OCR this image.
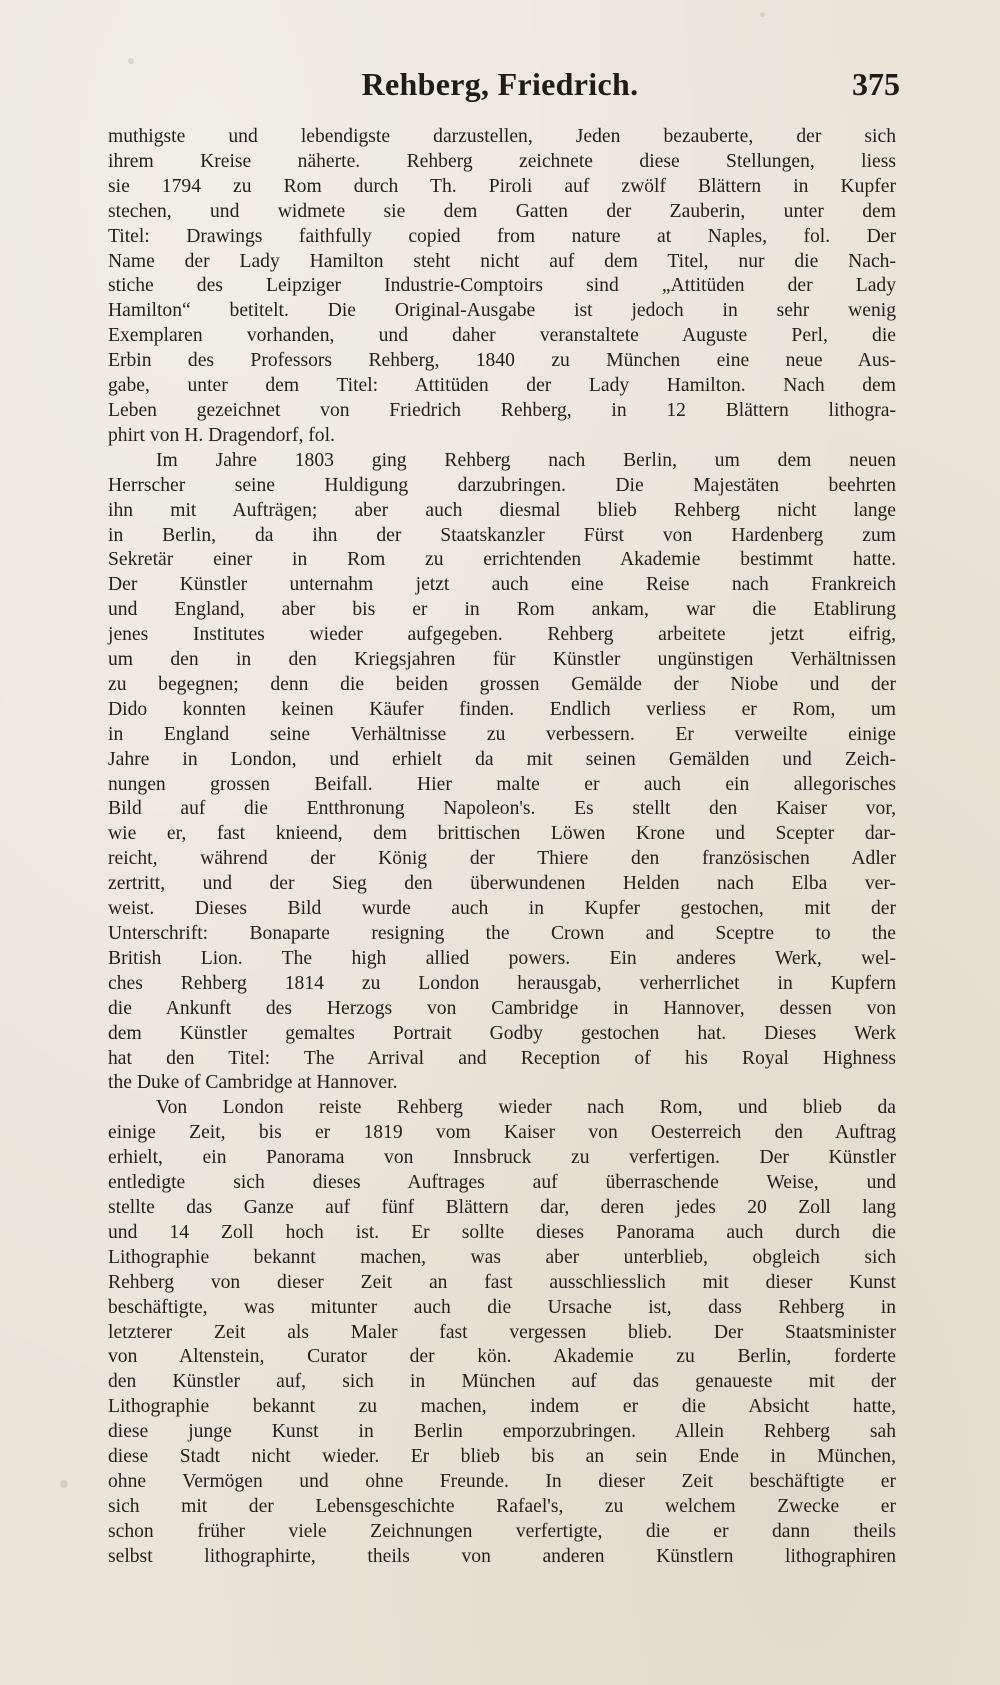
Rehberg, Friedrich.	375
muthigste und lebendigste darzustellen, Jeden bezauberte, der sich
ihrem Kreise näherte. Rehberg zeichnete diese Stellungen, liess
sie 1794 zu Rom durch Th. Piroli auf zwölf Blättern in Kupfer
stechen, und widmete sie dem Gatten der Zauberin, unter dem
Titel: Drawings faithfully copied from nature at Naples, fol. Der
Name der Lady Hamilton steht nicht auf dem Titel, nur die Nach-
stiche des Leipziger Industrie-Comptoirs sind „Attitüden der Lady
Hamilton“ betitelt. Die Original-Ausgabe ist jedoch in sehr wenig
Exemplaren vorhanden, und daher veranstaltete Auguste Perl, die
Erbin des Professors Rehberg, 1840 zu München eine neue Aus-
gabe, unter dem Titel: Attitüden der Lady Hamilton. Nach dem
Leben gezeichnet von Friedrich Rehberg, in 12 Blättern lithogra-
phirt von H. Dragendorf, fol.
Im Jahre 1803 ging Rehberg nach Berlin, um dem neuen
Herrscher seine Huldigung darzubringen. Die Majestäten beehrten
ihn mit Aufträgen; aber auch diesmal blieb Rehberg nicht lange
in Berlin, da ihn der Staatskanzler Fürst von Hardenberg zum
Sekretär einer in Rom zu errichtenden Akademie bestimmt hatte.
Der Künstler unternahm jetzt auch eine Reise nach Frankreich
und England, aber bis er in Rom ankam, war die Etablirung
jenes Institutes wieder aufgegeben. Rehberg arbeitete jetzt eifrig,
um den in den Kriegsjahren für Künstler ungünstigen Verhältnissen
zu begegnen; denn die beiden grossen Gemälde der Niobe und der
Dido konnten keinen Käufer finden. Endlich verliess er Rom, um
in England seine Verhältnisse zu verbessern. Er verweilte einige
Jahre in London, und erhielt da mit seinen Gemälden und Zeich-
nungen grossen Beifall. Hier malte er auch ein allegorisches
Bild auf die Entthronung Napoleon's. Es stellt den Kaiser vor,
wie er, fast knieend, dem brittischen Löwen Krone und Scepter dar-
reicht, während der König der Thiere den französischen Adler
zertritt, und der Sieg den überwundenen Helden nach Elba ver-
weist. Dieses Bild wurde auch in Kupfer gestochen, mit der
Unterschrift: Bonaparte resigning the Crown and Sceptre to the
British Lion. The high allied powers. Ein anderes Werk, wel-
ches Rehberg 1814 zu London herausgab, verherrlichet in Kupfern
die Ankunft des Herzogs von Cambridge in Hannover, dessen von
dem Künstler gemaltes Portrait Godby gestochen hat. Dieses Werk
hat den Titel: The Arrival and Reception of his Royal Highness
the Duke of Cambridge at Hannover.
Von London reiste Rehberg wieder nach Rom, und blieb da
einige Zeit, bis er 1819 vom Kaiser von Oesterreich den Auftrag
erhielt, ein Panorama von Innsbruck zu verfertigen. Der Künstler
entledigte sich dieses Auftrages auf überraschende Weise, und
stellte das Ganze auf fünf Blättern dar, deren jedes 20 Zoll lang
und 14 Zoll hoch ist. Er sollte dieses Panorama auch durch die
Lithographie bekannt machen, was aber unterblieb, obgleich sich
Rehberg von dieser Zeit an fast ausschliesslich mit dieser Kunst
beschäftigte, was mitunter auch die Ursache ist, dass Rehberg in
letzterer Zeit als Maler fast vergessen blieb. Der Staatsminister
von Altenstein, Curator der kön. Akademie zu Berlin, forderte
den Künstler auf, sich in München auf das genaueste mit der
Lithographie bekannt zu machen, indem er die Absicht hatte,
diese junge Kunst in Berlin emporzubringen. Allein Rehberg sah
diese Stadt nicht wieder. Er blieb bis an sein Ende in München,
ohne Vermögen und ohne Freunde. In dieser Zeit beschäftigte er
sich mit der Lebensgeschichte Rafael's, zu welchem Zwecke er
schon früher viele Zeichnungen verfertigte, die er dann theils
selbst lithographirte, theils von anderen Künstlern lithographiren
